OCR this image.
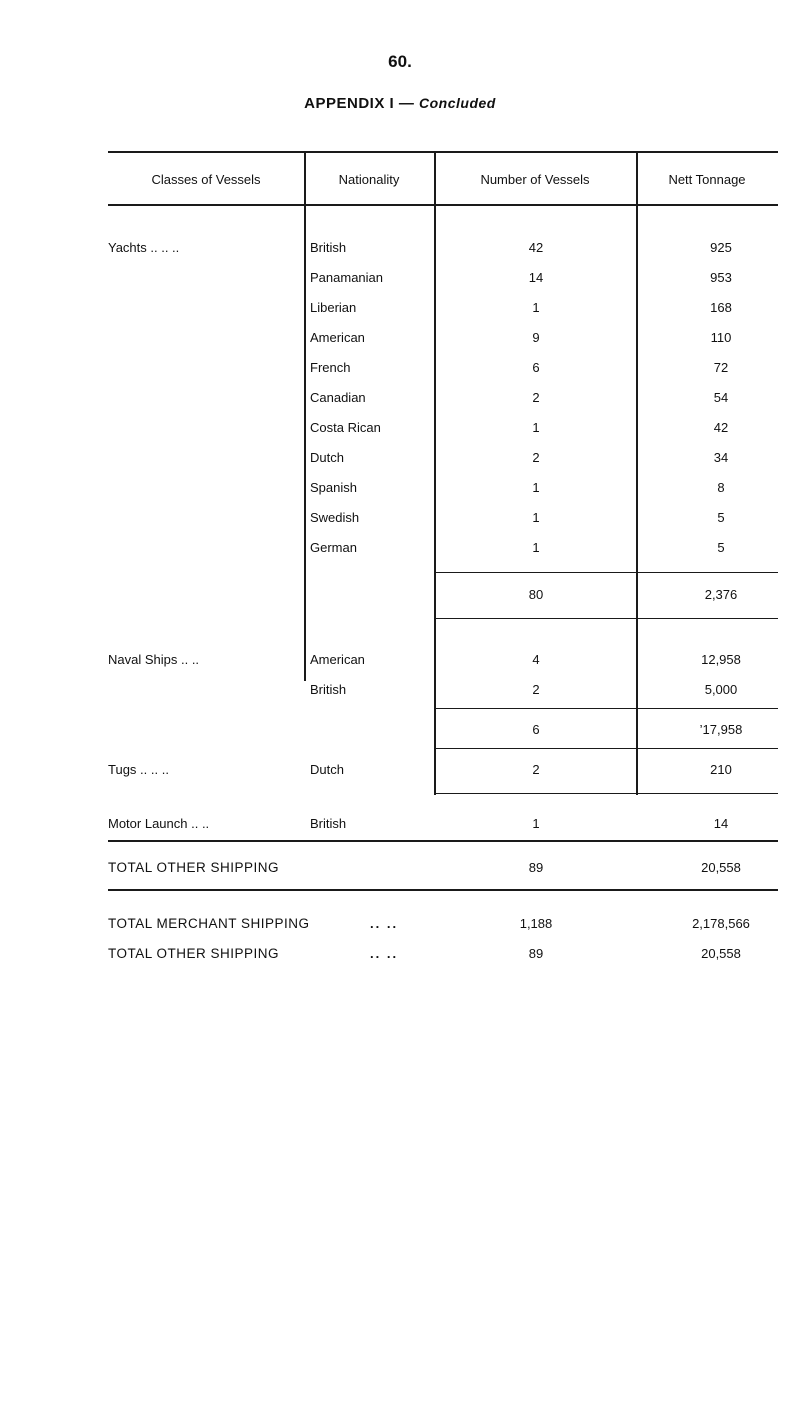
60.
APPENDIX I — Concluded
Classes of Vessels	Nationality	Number of Vessels	Nett Tonnage
Yachts .. .. ..	British	42	925
Panamanian	14	953
Liberian	1	168
American	9	110
French	6	72
Canadian	2	54
Costa Rican	1	42
Dutch	2	34
Spanish	1	8
Swedish	1	5
German	1	5
80	2,376
Naval Ships .. ..	American	4	12,958
British	2	5,000
6	’17,958
Tugs .. .. ..	Dutch	2	210
Motor Launch .. ..	British	1	14
TOTAL OTHER SHIPPING	89	20,558
TOTAL MERCHANT SHIPPING	.. ..	1,188	2,178,566
TOTAL OTHER SHIPPING	.. ..	89	20,558
